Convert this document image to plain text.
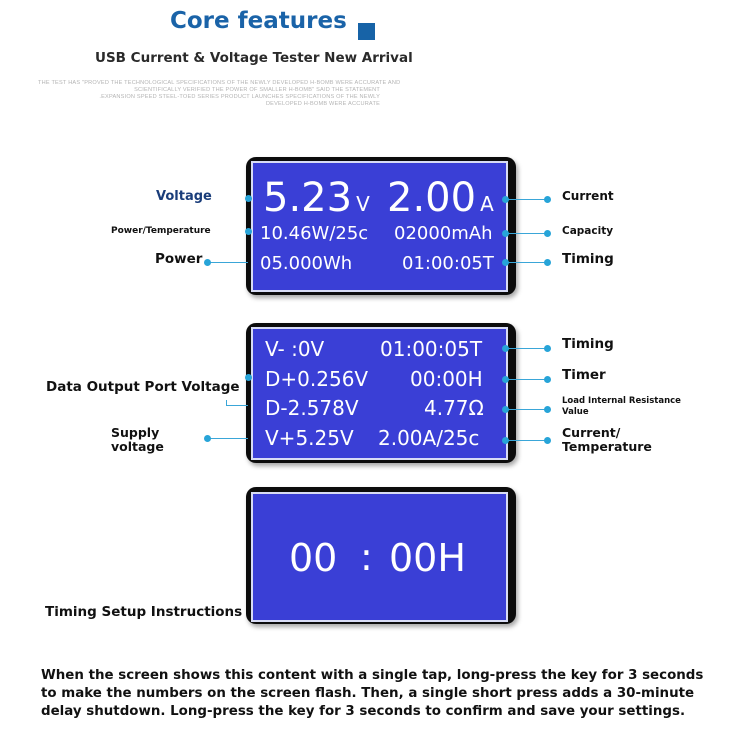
Core features
USB Current & Voltage Tester New Arrival
THE TEST HAS "PROVED THE TECHNOLOGICAL SPECIFICATIONS OF THE NEWLY DEVELOPED H-BOMB WERE ACCURATE AND
SCIENTIFICALLY VERIFIED THE POWER OF SMALLER H-BOMB" SAID THE STATEMENT
.EXPANSION SPEED STEEL-TOED SERIES PRODUCT LAUNCHES SPECIFICATIONS OF THE NEWLY
DEVELOPED H-BOMB WERE ACCURATE
5.23 V 2.00 A
10.46W/25c 02000mAh
05.000Wh	01:00:05T
Voltage
Power/Temperature
Power
Current
Capacity
Timing
V- :0V	01:00:05T
D+0.256V 00:00H
D-2.578V	4.77Ω
V+5.25V 2.00A/25c
Data Output Port Voltage
Supply
voltage
Timing
Timer
Load Internal Resistance
Value
Current/
Temperature
00 : 00H
Timing Setup Instructions
When the screen shows this content with a single tap, long-press the key for 3 seconds to make the numbers on the screen flash. Then, a single short press adds a 30-minute delay shutdown. Long-press the key for 3 seconds to confirm and save your settings.
